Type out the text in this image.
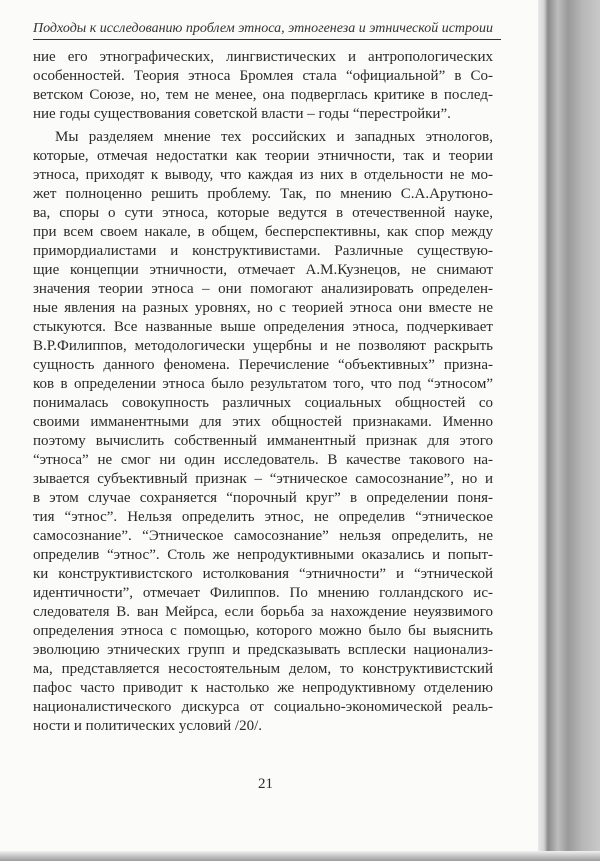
Подходы к исследованию проблем этноса, этногенеза и этнической истроии
ние его этнографических, лингвистических и антропологических
особенностей. Теория этноса Бромлея стала “официальной” в Со-
ветском Союзе, но, тем не менее, она подверглась критике в послед-
ние годы существования советской власти – годы “перестройки”.
Мы разделяем мнение тех российских и западных этнологов,
которые, отмечая недостатки как теории этничности, так и теории
этноса, приходят к выводу, что каждая из них в отдельности не мо-
жет полноценно решить проблему. Так, по мнению С.А.Арутюно-
ва, споры о сути этноса, которые ведутся в отечественной науке,
при всем своем накале, в общем, бесперспективны, как спор между
примордиалистами и конструктивистами. Различные существую-
щие концепции этничности, отмечает А.М.Кузнецов, не снимают
значения теории этноса – они помогают анализировать определен-
ные явления на разных уровнях, но с теорией этноса они вместе не
стыкуются. Все названные выше определения этноса, подчеркивает
В.Р.Филиппов, методологически ущербны и не позволяют раскрыть
сущность данного феномена. Перечисление “объективных” призна-
ков в определении этноса было результатом того, что под “этносом”
понималась совокупность различных социальных общностей со
своими имманентными для этих общностей признаками. Именно
поэтому вычислить собственный имманентный признак для этого
“этноса” не смог ни один исследователь. В качестве такового на-
зывается субъективный признак – “этническое самосознание”, но и
в этом случае сохраняется “порочный круг” в определении поня-
тия “этнос”. Нельзя определить этнос, не определив “этническое
самосознание”. “Этническое самосознание” нельзя определить, не
определив “этнос”. Столь же непродуктивными оказались и попыт-
ки конструктивистского истолкования “этничности” и “этнической
идентичности”, отмечает Филиппов. По мнению голландского ис-
следователя В. ван Мейрса, если борьба за нахождение неуязвимого
определения этноса с помощью, которого можно было бы выяснить
эволюцию этнических групп и предсказывать всплески национализ-
ма, представляется несостоятельным делом, то конструктивистский
пафос часто приводит к настолько же непродуктивному отделению
националистического дискурса от социально-экономической реаль-
ности и политических условий /20/.
21
